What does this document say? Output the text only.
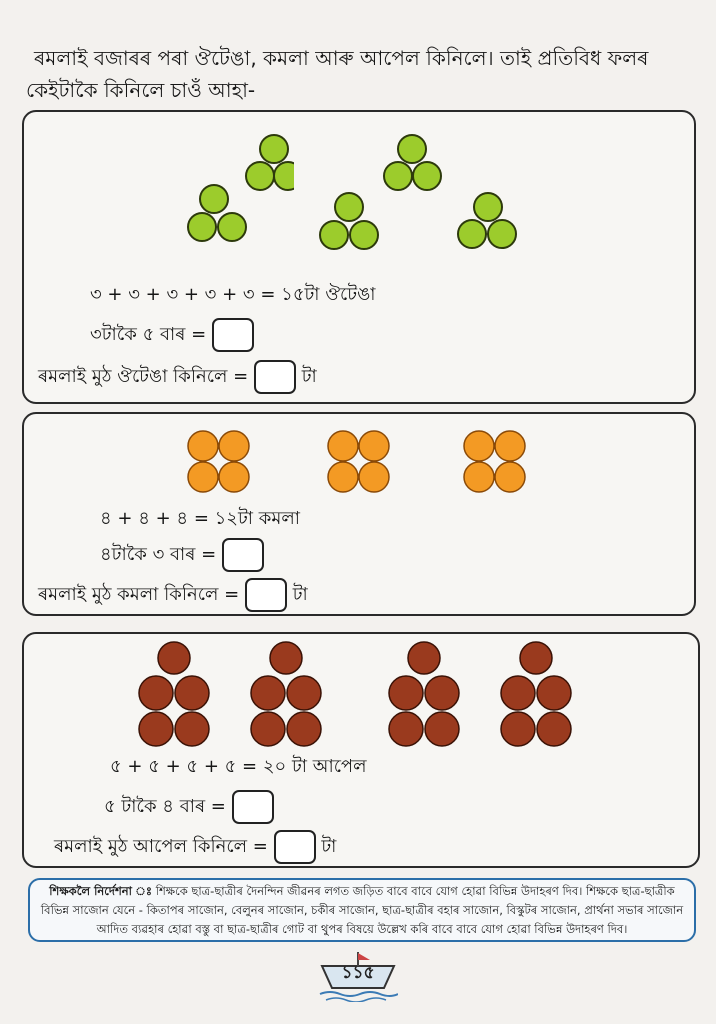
ৰমলাই বজাৰৰ পৰা ঔটেঙা, কমলা আৰু আপেল কিনিলে। তাই প্ৰতিবিধ ফলৰ

কেইটাকৈ কিনিলে চাওঁ আহা-

৩ + ৩ + ৩ + ৩ + ৩ = ১৫টা ঔটেঙা
৩টাকৈ ৫ বাৰ =
ৰমলাই মুঠ ঔটেঙা কিনিলে =	টা
৪ + ৪ + ৪ = ১২টা কমলা
৪টাকৈ ৩ বাৰ =
ৰমলাই মুঠ কমলা কিনিলে =	টা
৫ + ৫ + ৫ + ৫ = ২০ টা আপেল
৫ টাকৈ ৪ বাৰ =
ৰমলাই মুঠ আপেল কিনিলে =	টা
শিক্ষকলৈ নিৰ্দেশনা ঃ শিক্ষকে ছাত্ৰ-ছাত্ৰীৰ দৈনন্দিন জীৱনৰ লগত জড়িত বাবে বাবে যোগ হোৱা বিভিন্ন উদাহৰণ দিব। শিক্ষকে ছাত্ৰ-ছাত্ৰীক বিভিন্ন সাজোন যেনে - কিতাপৰ সাজোন, বেলুনৰ সাজোন, চকীৰ সাজোন, ছাত্ৰ-ছাত্ৰীৰ বহাৰ সাজোন, বিস্কুটৰ সাজোন, প্ৰাৰ্থনা সভাৰ সাজোন আদিত ব্যৱহাৰ হোৱা বস্তু বা ছাত্ৰ-ছাত্ৰীৰ গোট বা থুপৰ বিষয়ে উল্লেখ কৰি বাবে বাবে যোগ হোৱা বিভিন্ন উদাহৰণ দিব।
১১৫
